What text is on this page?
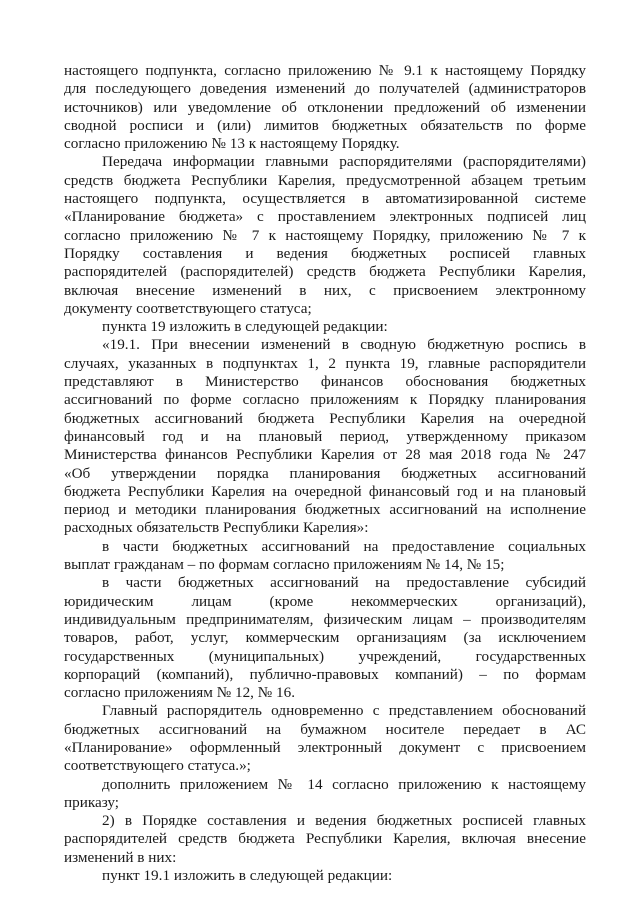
настоящего подпункта, согласно приложению № 9.1 к настоящему Порядку
для последующего доведения изменений до получателей (администраторов
источников) или уведомление об отклонении предложений об изменении
сводной росписи и (или) лимитов бюджетных обязательств по форме
согласно приложению № 13 к настоящему Порядку.
Передача информации главными распорядителями (распорядителями)
средств бюджета Республики Карелия, предусмотренной абзацем третьим
настоящего подпункта, осуществляется в автоматизированной системе
«Планирование бюджета» с проставлением электронных подписей лиц
согласно приложению № 7 к настоящему Порядку, приложению № 7 к
Порядку составления и ведения бюджетных росписей главных
распорядителей (распорядителей) средств бюджета Республики Карелия,
включая внесение изменений в них, с присвоением электронному
документу соответствующего статуса;
пункта 19 изложить в следующей редакции:
«19.1. При внесении изменений в сводную бюджетную роспись в
случаях, указанных в подпунктах 1, 2 пункта 19, главные распорядители
представляют в Министерство финансов обоснования бюджетных
ассигнований по форме согласно приложениям к Порядку планирования
бюджетных ассигнований бюджета Республики Карелия на очередной
финансовый год и на плановый период, утвержденному приказом
Министерства финансов Республики Карелия от 28 мая 2018 года № 247
«Об утверждении порядка планирования бюджетных ассигнований
бюджета Республики Карелия на очередной финансовый год и на плановый
период и методики планирования бюджетных ассигнований на исполнение
расходных обязательств Республики Карелия»:
в части бюджетных ассигнований на предоставление социальных
выплат гражданам – по формам согласно приложениям № 14, № 15;
в части бюджетных ассигнований на предоставление субсидий
юридическим лицам (кроме некоммерческих организаций),
индивидуальным предпринимателям, физическим лицам – производителям
товаров, работ, услуг, коммерческим организациям (за исключением
государственных (муниципальных) учреждений, государственных
корпораций (компаний), публично-правовых компаний) – по формам
согласно приложениям № 12, № 16.
Главный распорядитель одновременно с представлением обоснований
бюджетных ассигнований на бумажном носителе передает в АС
«Планирование» оформленный электронный документ с присвоением
соответствующего статуса.»;
дополнить приложением № 14 согласно приложению к настоящему
приказу;
2) в Порядке составления и ведения бюджетных росписей главных
распорядителей средств бюджета Республики Карелия, включая внесение
изменений в них:
пункт 19.1 изложить в следующей редакции:
